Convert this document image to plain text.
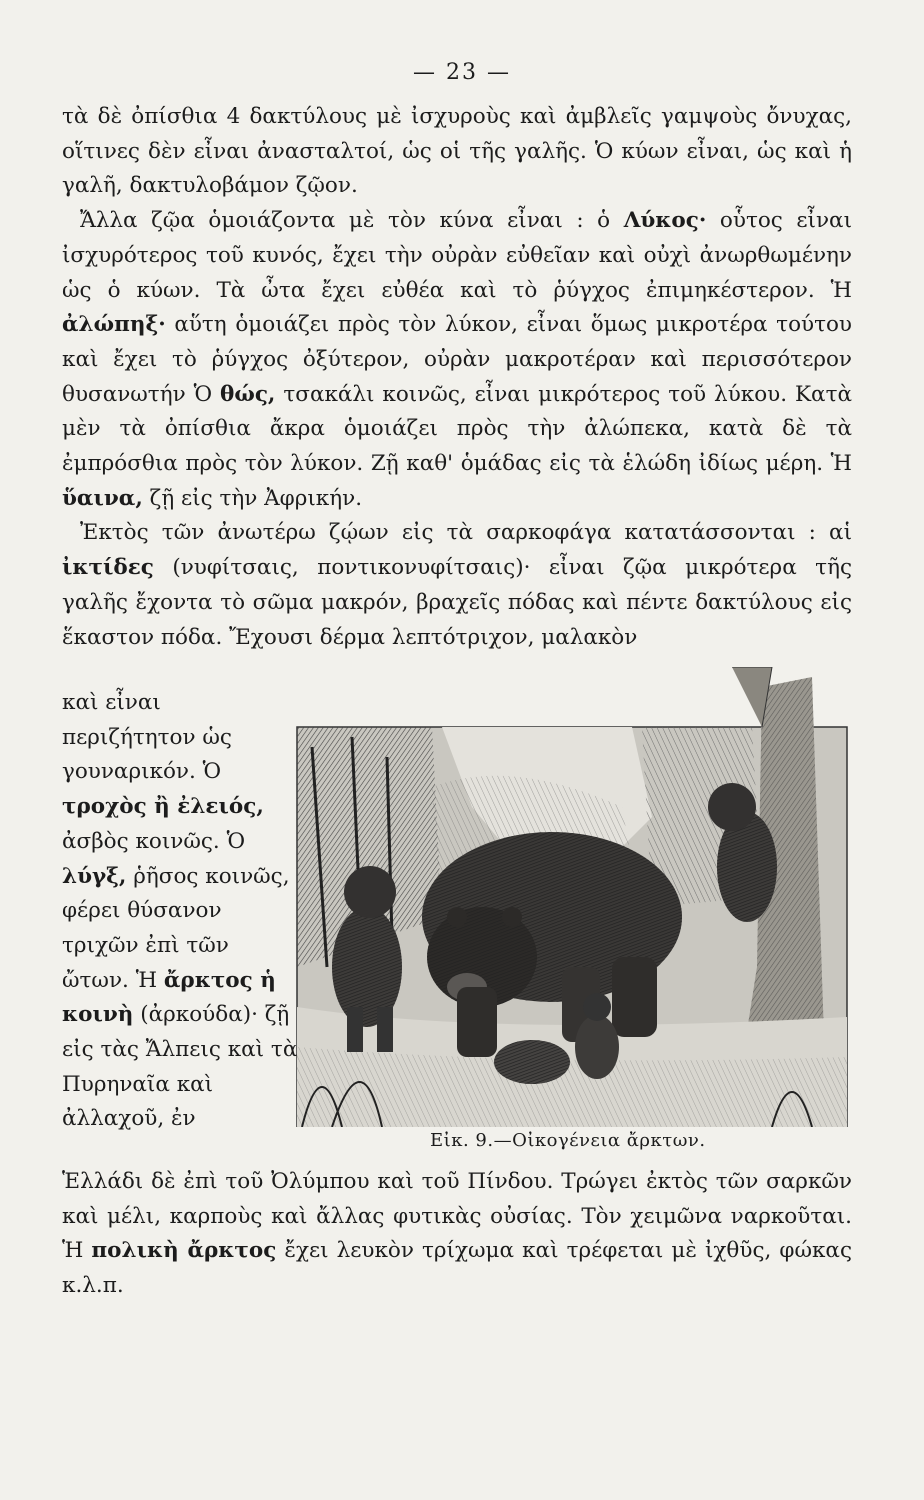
— 23 —

τὰ δὲ ὀπίσθια 4 δακτύλους μὲ ἰσχυροὺς καὶ ἀμβλεῖς γαμψοὺς ὄνυχας, οἵτινες δὲν εἶναι ἀνασταλτοί, ὡς οἱ τῆς γαλῆς. Ὁ κύων εἶναι, ὡς καὶ ἡ γαλῆ, δακτυλοβάμον ζῷον.

Ἄλλα ζῷα ὁμοιάζοντα μὲ τὸν κύνα εἶναι : ὁ Λύκος· οὗτος εἶναι ἰσχυρότερος τοῦ κυνός, ἔχει τὴν οὐρὰν εὐθεῖαν καὶ οὐχὶ ἀνωρθωμένην ὡς ὁ κύων. Τὰ ὦτα ἔχει εὐθέα καὶ τὸ ῥύγχος ἐπιμηκέστερον. Ἡ ἀλώπηξ· αὕτη ὁμοιάζει πρὸς τὸν λύκον, εἶναι ὅμως μικροτέρα τούτου καὶ ἔχει τὸ ῥύγχος ὀξύτερον, οὐρὰν μακροτέραν καὶ περισσότερον θυσανωτήν Ὁ θώς, τσακάλι κοινῶς, εἶναι μικρότερος τοῦ λύκου. Κατὰ μὲν τὰ ὀπίσθια ἄκρα ὁμοιάζει πρὸς τὴν ἀλώπεκα, κατὰ δὲ τὰ ἐμπρόσθια πρὸς τὸν λύκον. Ζῇ καθ' ὁμάδας εἰς τὰ ἑλώδη ἰδίως μέρη. Ἡ ὕαινα, ζῇ εἰς τὴν Ἀφρικήν.

Ἐκτὸς τῶν ἀνωτέρω ζῴων εἰς τὰ σαρκοφάγα κατατάσσονται : αἱ ἰκτίδες (νυφίτσαις, ποντικονυφίτσαις)· εἶναι ζῷα μικρότερα τῆς γαλῆς ἔχοντα τὸ σῶμα μακρόν, βραχεῖς πόδας καὶ πέντε δακτύλους εἰς ἕκαστον πόδα. Ἔχουσι δέρμα λεπτότριχον, μαλακὸν

καὶ εἶναι περιζήτητον ὡς γουναρικόν. Ὁ τροχὸς ἢ ἐλειός, ἀσβὸς κοινῶς. Ὁ λύγξ, ῥῆσος κοινῶς, φέρει θύσανον τριχῶν ἐπὶ τῶν ὤτων. Ἡ ἄρκτος ἡ κοινὴ (ἀρκούδα)· ζῇ εἰς τὰς Ἄλπεις καὶ τὰ Πυρηναῖα καὶ ἀλλαχοῦ, ἐν
Εἰκ. 9.—Οἰκογένεια ἄρκτων.

Ἑλλάδι δὲ ἐπὶ τοῦ Ὀλύμπου καὶ τοῦ Πίνδου. Τρώγει ἐκτὸς τῶν σαρκῶν καὶ μέλι, καρποὺς καὶ ἄλλας φυτικὰς οὐσίας. Τὸν χειμῶνα ναρκοῦται. Ἡ πολικὴ ἄρκτος ἔχει λευκὸν τρίχωμα καὶ τρέφεται μὲ ἰχθῦς, φώκας κ.λ.π.
